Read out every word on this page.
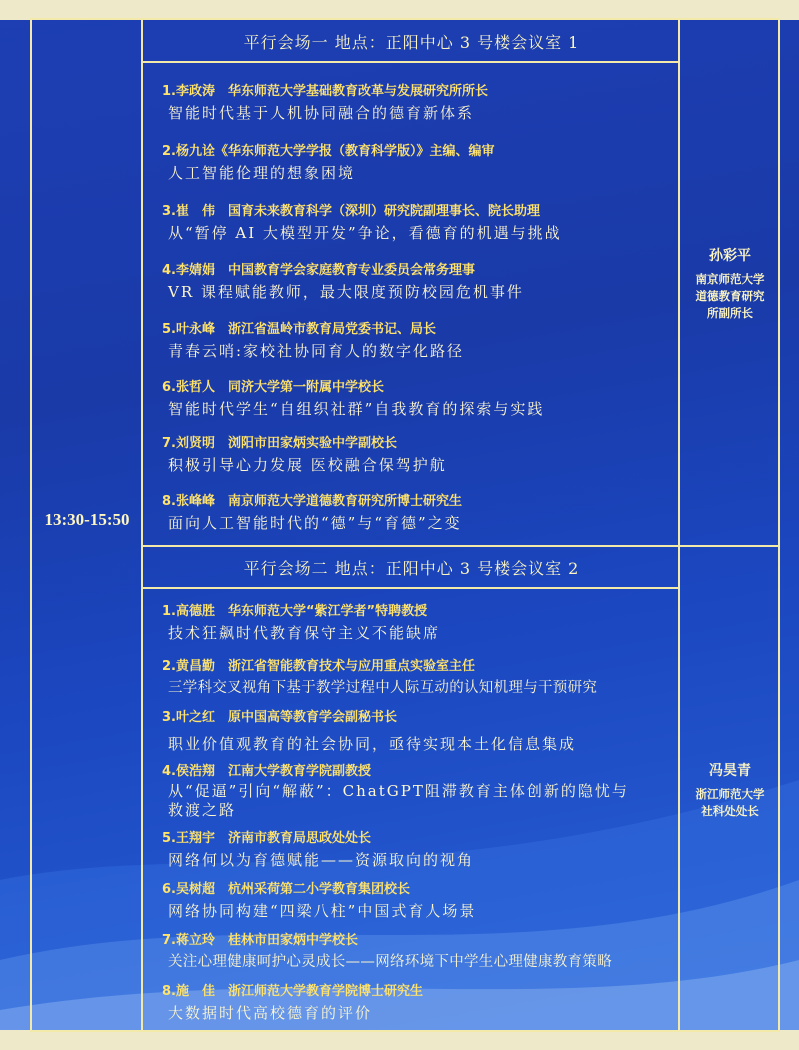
13:30-15:50
平行会场一 地点：正阳中心 3 号楼会议室 1
孙彩平
南京师范大学
道德教育研究
所副所长
1.李政涛　华东师范大学基础教育改革与发展研究所所长
智能时代基于人机协同融合的德育新体系
2.杨九诠《华东师范大学学报（教育科学版）》主编、编审
人工智能伦理的想象困境
3.崔　伟　国育未来教育科学（深圳）研究院副理事长、院长助理
从“暂停 AI 大模型开发”争论，看德育的机遇与挑战
4.李婧娟　中国教育学会家庭教育专业委员会常务理事
VR 课程赋能教师，最大限度预防校园危机事件
5.叶永峰　浙江省温岭市教育局党委书记、局长
青春云哨:家校社协同育人的数字化路径
6.张哲人　同济大学第一附属中学校长
智能时代学生“自组织社群”自我教育的探索与实践
7.刘贤明　浏阳市田家炳实验中学副校长
积极引导心力发展 医校融合保驾护航
8.张峰峰　南京师范大学道德教育研究所博士研究生
面向人工智能时代的“德”与“育德”之变
平行会场二 地点：正阳中心 3 号楼会议室 2
冯昊青
浙江师范大学
社科处处长
1.高德胜　华东师范大学“紫江学者”特聘教授
技术狂飙时代教育保守主义不能缺席
2.黄昌勤　浙江省智能教育技术与应用重点实验室主任
三学科交叉视角下基于教学过程中人际互动的认知机理与干预研究
3.叶之红　原中国高等教育学会副秘书长
职业价值观教育的社会协同，亟待实现本土化信息集成
4.侯浩翔　江南大学教育学院副教授
从“促逼”引向“解蔽”：ChatGPT阻滞教育主体创新的隐忧与救渡之路
5.王翔宇　济南市教育局思政处处长
网络何以为育德赋能——资源取向的视角
6.吴树超　杭州采荷第二小学教育集团校长
网络协同构建“四梁八柱”中国式育人场景
7.蒋立玲　桂林市田家炳中学校长
关注心理健康呵护心灵成长——网络环境下中学生心理健康教育策略
8.施　佳　浙江师范大学教育学院博士研究生
大数据时代高校德育的评价
